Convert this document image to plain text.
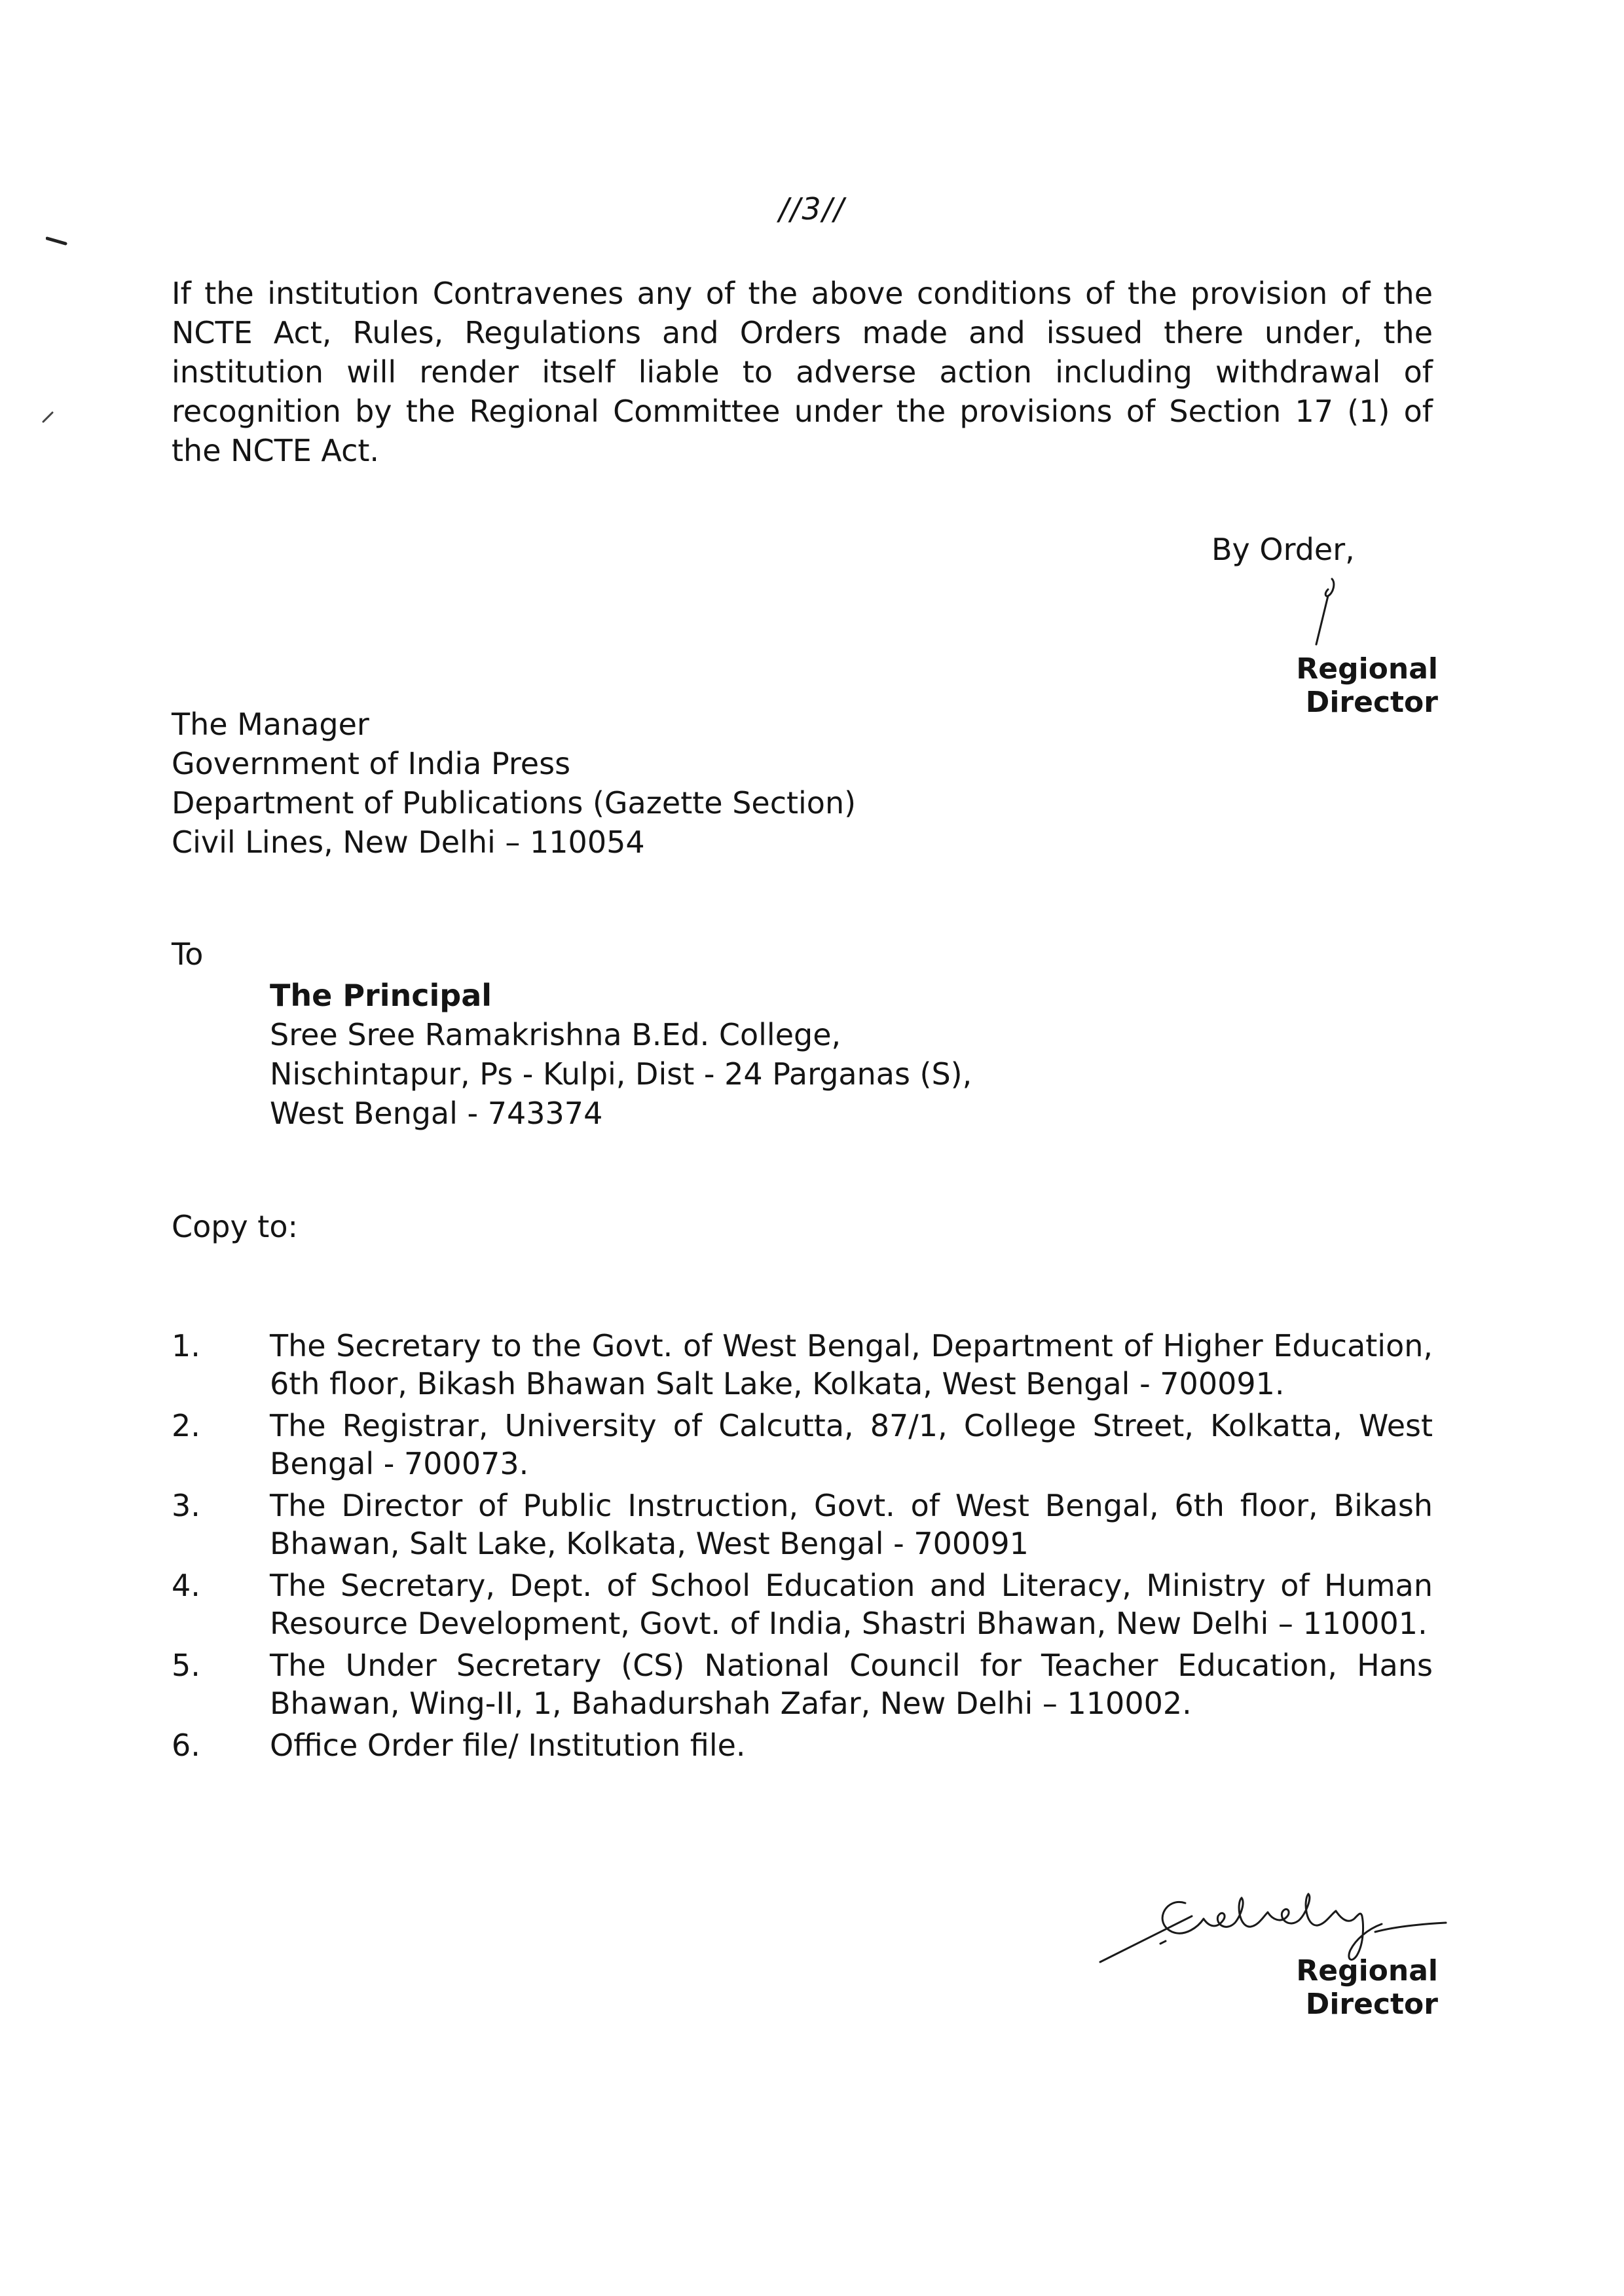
//3//
If the institution Contravenes any of the above conditions of the provision of the NCTE Act, Rules, Regulations and Orders made and issued there under, the institution will render itself liable to adverse action including withdrawal of recognition by the Regional Committee under the provisions of Section 17 (1) of the NCTE Act.
By Order,
Regional Director
The Manager
Government of India Press
Department of Publications (Gazette Section)
Civil Lines, New Delhi – 110054
To
The Principal
Sree Sree Ramakrishna B.Ed. College,
Nischintapur, Ps - Kulpi, Dist - 24 Parganas (S),
West Bengal - 743374
Copy to:
1.	The Secretary to the Govt. of West Bengal, Department of Higher Education, 6th floor, Bikash Bhawan Salt Lake, Kolkata, West Bengal - 700091.
2.	The Registrar, University of Calcutta, 87/1, College Street, Kolkatta, West Bengal - 700073.
3.	The Director of Public Instruction, Govt. of West Bengal, 6th floor, Bikash Bhawan, Salt Lake, Kolkata, West Bengal - 700091
4.	The Secretary, Dept. of School Education and Literacy, Ministry of Human Resource Development, Govt. of India, Shastri Bhawan, New Delhi – 110001.
5.	The Under Secretary (CS) National Council for Teacher Education, Hans Bhawan, Wing-II, 1, Bahadurshah Zafar, New Delhi – 110002.
6.	Office Order file/ Institution file.
Regional Director
